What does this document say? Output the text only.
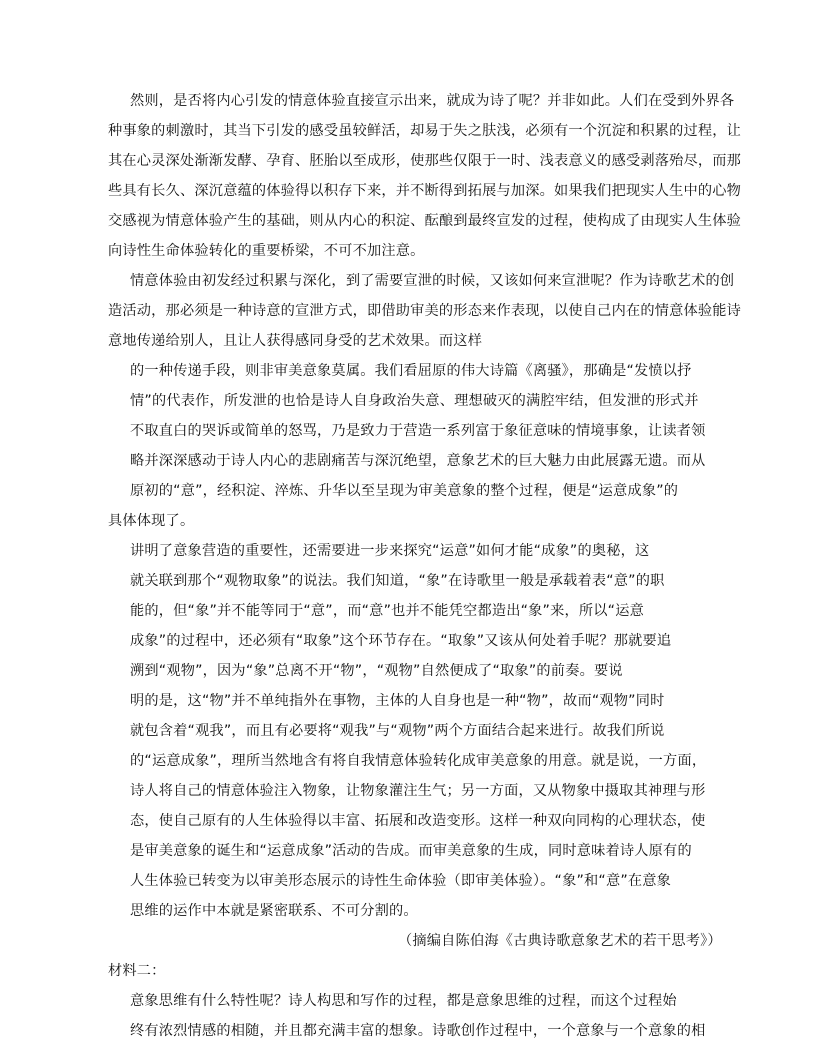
然则，是否将内心引发的情意体验直接宣示出来，就成为诗了呢？并非如此。人们在受到外界各
种事象的刺激时，其当下引发的感受虽较鲜活，却易于失之肤浅，必须有一个沉淀和积累的过程，让
其在心灵深处渐渐发酵、孕育、胚胎以至成形，使那些仅限于一时、浅表意义的感受剥落殆尽，而那
些具有长久、深沉意蕴的体验得以积存下来，并不断得到拓展与加深。如果我们把现实人生中的心物
交感视为情意体验产生的基础，则从内心的积淀、酝酿到最终宣发的过程，使构成了由现实人生体验
向诗性生命体验转化的重要桥梁，不可不加注意。
情意体验由初发经过积累与深化，到了需要宣泄的时候，又该如何来宣泄呢？作为诗歌艺术的创
造活动，那必须是一种诗意的宣泄方式，即借助审美的形态来作表现，以使自己内在的情意体验能诗
意地传递给别人，且让人获得感同身受的艺术效果。而这样
的一种传递手段，则非审美意象莫属。我们看屈原的伟大诗篇《离骚》，那确是“发愤以抒
情”的代表作，所发泄的也恰是诗人自身政治失意、理想破灭的满腔牢结，但发泄的形式并
不取直白的哭诉或简单的怒骂，乃是致力于营造一系列富于象征意味的情境事象，让读者领
略并深深感动于诗人内心的悲剧痛苦与深沉绝望，意象艺术的巨大魅力由此展露无遗。而从
原初的“意”，经积淀、淬炼、升华以至呈现为审美意象的整个过程，便是“运意成象”的
具体体现了。
讲明了意象营造的重要性，还需要进一步来探究“运意”如何才能“成象”的奥秘，这
就关联到那个“观物取象”的说法。我们知道，“象”在诗歌里一般是承载着表“意”的职
能的，但“象”并不能等同于“意”，而“意”也并不能凭空都造出“象”来，所以“运意
成象”的过程中，还必须有“取象”这个环节存在。“取象”又该从何处着手呢？那就要追
溯到“观物”，因为“象”总离不开“物”，“观物”自然便成了“取象”的前奏。要说
明的是，这“物”并不单纯指外在事物，主体的人自身也是一种“物”，故而“观物”同时
就包含着“观我”，而且有必要将“观我”与“观物”两个方面结合起来进行。故我们所说
的“运意成象”，理所当然地含有将自我情意体验转化成审美意象的用意。就是说，一方面，
诗人将自己的情意体验注入物象，让物象灌注生气；另一方面，又从物象中摄取其神理与形
态，使自己原有的人生体验得以丰富、拓展和改造变形。这样一种双向同构的心理状态，使
是审美意象的诞生和“运意成象”活动的告成。而审美意象的生成，同时意味着诗人原有的
人生体验已转变为以审美形态展示的诗性生命体验（即审美体验）。“象”和“意”在意象
思维的运作中本就是紧密联系、不可分割的。
（摘编自陈伯海《古典诗歌意象艺术的若干思考》）
材料二：
意象思维有什么特性呢？诗人构思和写作的过程，都是意象思维的过程，而这个过程始
终有浓烈情感的相随，并且都充满丰富的想象。诗歌创作过程中，一个意象与一个意象的相
